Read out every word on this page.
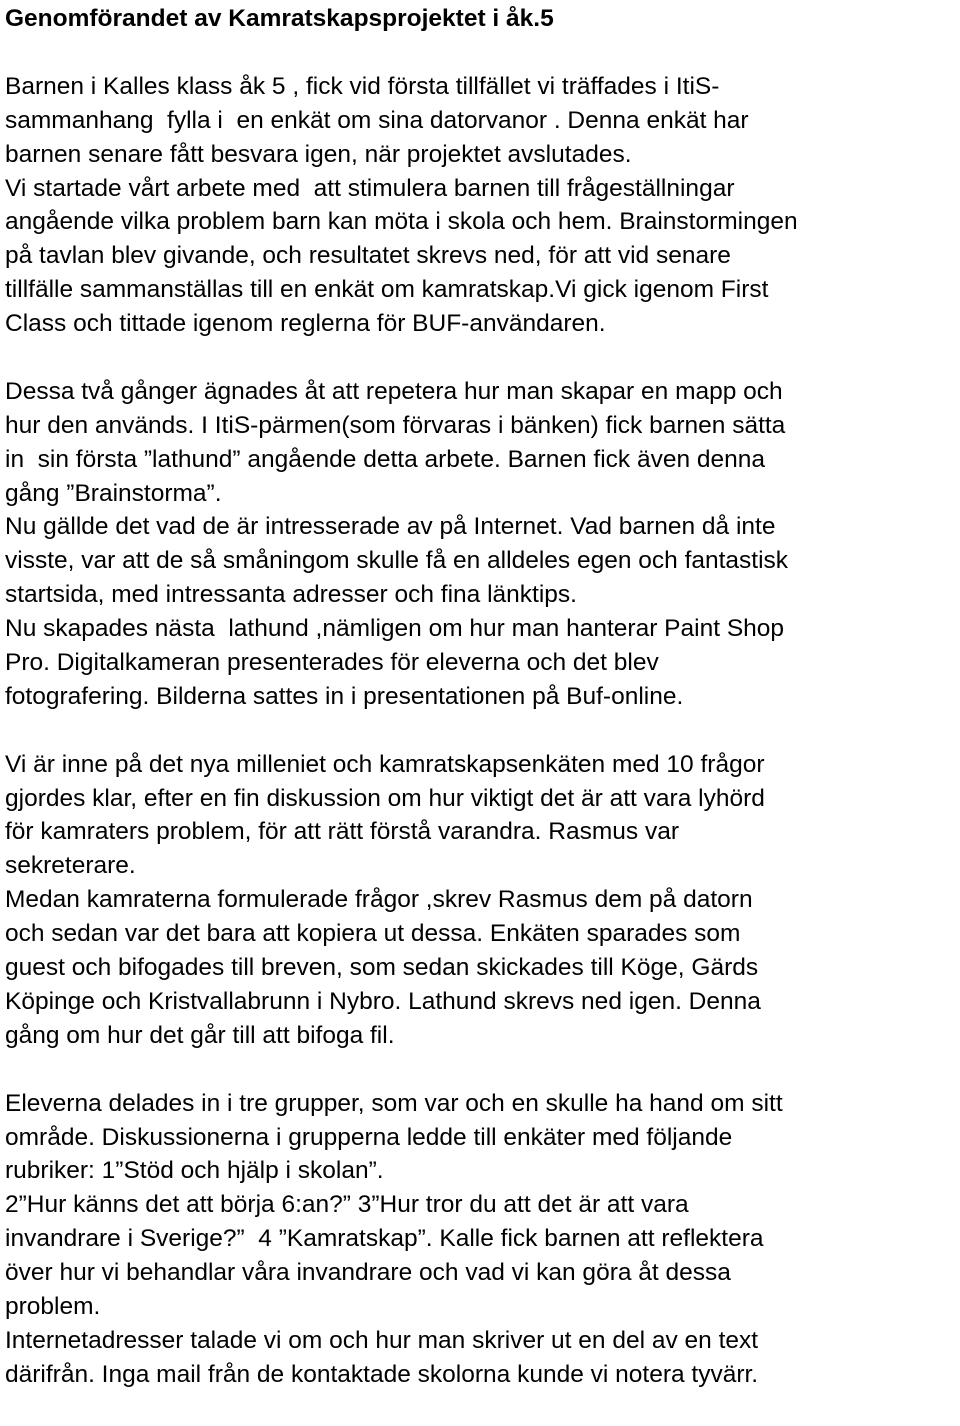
Genomförandet av Kamratskapsprojektet i åk.5
Barnen i Kalles klass åk 5 , fick vid första tillfället vi träffades i ItiS-
sammanhang  fylla i  en enkät om sina datorvanor . Denna enkät har
barnen senare fått besvara igen, när projektet avslutades.
Vi startade vårt arbete med  att stimulera barnen till frågeställningar
angående vilka problem barn kan möta i skola och hem. Brainstormingen
på tavlan blev givande, och resultatet skrevs ned, för att vid senare
tillfälle sammanställas till en enkät om kamratskap.Vi gick igenom First
Class och tittade igenom reglerna för BUF-användaren.
Dessa två gånger ägnades åt att repetera hur man skapar en mapp och
hur den används. I ItiS-pärmen(som förvaras i bänken) fick barnen sätta
in  sin första ”lathund” angående detta arbete. Barnen fick även denna
gång ”Brainstorma”.
Nu gällde det vad de är intresserade av på Internet. Vad barnen då inte
visste, var att de så småningom skulle få en alldeles egen och fantastisk
startsida, med intressanta adresser och fina länktips.
Nu skapades nästa  lathund ,nämligen om hur man hanterar Paint Shop
Pro. Digitalkameran presenterades för eleverna och det blev
fotografering. Bilderna sattes in i presentationen på Buf-online.
Vi är inne på det nya milleniet och kamratskapsenkäten med 10 frågor
gjordes klar, efter en fin diskussion om hur viktigt det är att vara lyhörd
för kamraters problem, för att rätt förstå varandra. Rasmus var
sekreterare.
Medan kamraterna formulerade frågor ,skrev Rasmus dem på datorn
och sedan var det bara att kopiera ut dessa. Enkäten sparades som
guest och bifogades till breven, som sedan skickades till Köge, Gärds
Köpinge och Kristvallabrunn i Nybro. Lathund skrevs ned igen. Denna
gång om hur det går till att bifoga fil.
Eleverna delades in i tre grupper, som var och en skulle ha hand om sitt
område. Diskussionerna i grupperna ledde till enkäter med följande
rubriker: 1”Stöd och hjälp i skolan”.
2”Hur känns det att börja 6:an?” 3”Hur tror du att det är att vara
invandrare i Sverige?”  4 ”Kamratskap”. Kalle fick barnen att reflektera
över hur vi behandlar våra invandrare och vad vi kan göra åt dessa
problem.
Internetadresser talade vi om och hur man skriver ut en del av en text
därifrån. Inga mail från de kontaktade skolorna kunde vi notera tyvärr.
